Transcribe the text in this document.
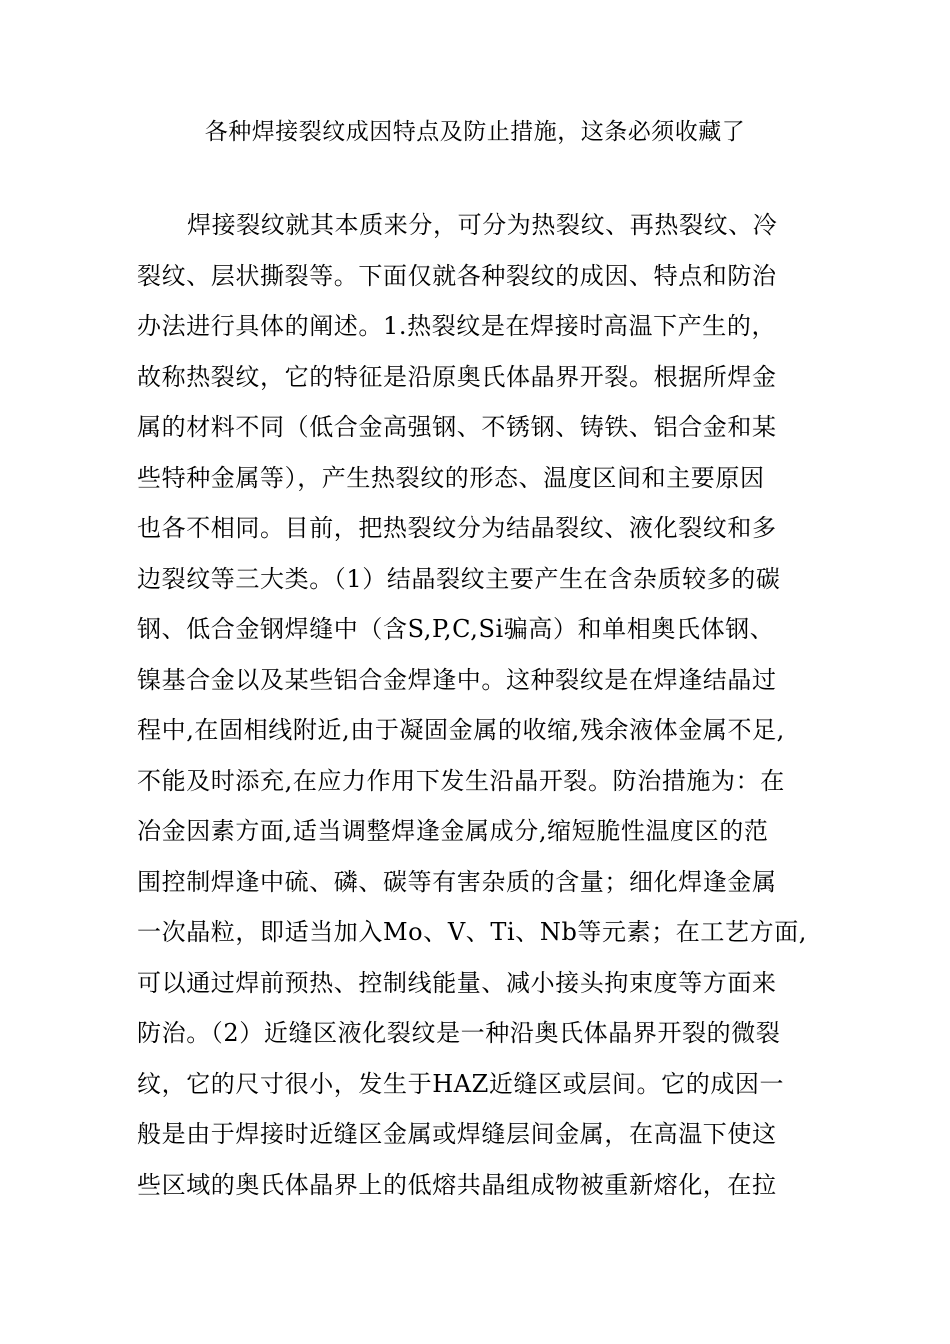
各种焊接裂纹成因特点及防止措施，这条必须收藏了
焊接裂纹就其本质来分，可分为热裂纹、再热裂纹、冷
裂纹、层状撕裂等。下面仅就各种裂纹的成因、特点和防治
办法进行具体的阐述。1.热裂纹是在焊接时高温下产生的，
故称热裂纹，它的特征是沿原奥氏体晶界开裂。根据所焊金
属的材料不同（低合金高强钢、不锈钢、铸铁、铝合金和某
些特种金属等），产生热裂纹的形态、温度区间和主要原因
也各不相同。目前，把热裂纹分为结晶裂纹、液化裂纹和多
边裂纹等三大类。（1）结晶裂纹主要产生在含杂质较多的碳
钢、低合金钢焊缝中（含S,P,C,Si骗高）和单相奥氏体钢、
镍基合金以及某些铝合金焊逢中。这种裂纹是在焊逢结晶过
程中,在固相线附近,由于凝固金属的收缩,残余液体金属不足,
不能及时添充,在应力作用下发生沿晶开裂。防治措施为：在
冶金因素方面,适当调整焊逢金属成分,缩短脆性温度区的范
围控制焊逢中硫、磷、碳等有害杂质的含量；细化焊逢金属
一次晶粒，即适当加入Mo、V、Ti、Nb等元素；在工艺方面,
可以通过焊前预热、控制线能量、减小接头拘束度等方面来
防治。（2）近缝区液化裂纹是一种沿奥氏体晶界开裂的微裂
纹，它的尺寸很小，发生于HAZ近缝区或层间。它的成因一
般是由于焊接时近缝区金属或焊缝层间金属，在高温下使这
些区域的奥氏体晶界上的低熔共晶组成物被重新熔化，在拉
